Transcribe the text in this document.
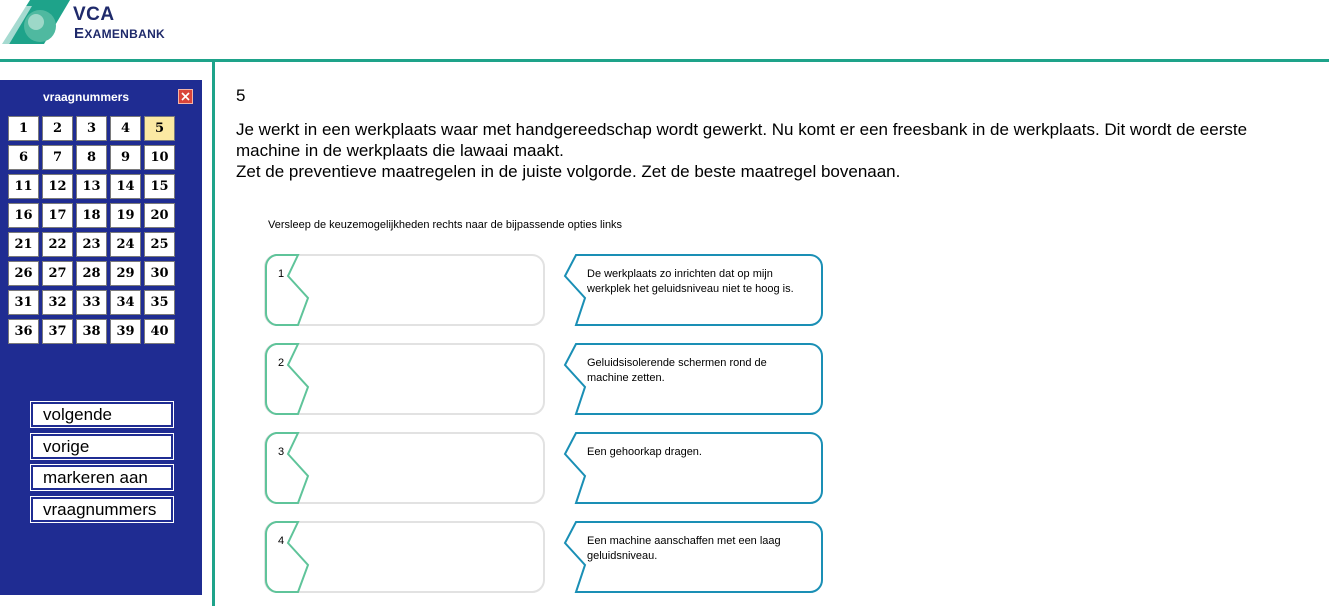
VCA
EXAMENBANK
vraagnummers
1	2	3	4	5
6	7	8	9	10
11	12	13	14	15
16	17	18	19	20
21	22	23	24	25
26	27	28	29	30
31	32	33	34	35
36	37	38	39	40
volgende
vorige
markeren aan
vraagnummers
5
Je werkt in een werkplaats waar met handgereedschap wordt gewerkt. Nu komt er een freesbank in de werkplaats. Dit wordt de eerste machine in de werkplaats die lawaai maakt.
Zet de preventieve maatregelen in de juiste volgorde. Zet de beste maatregel bovenaan.
Versleep de keuzemogelijkheden rechts naar de bijpassende opties links
1
2
3
4
De werkplaats zo inrichten dat op mijn werkplek het geluidsniveau niet te hoog is.
Geluidsisolerende schermen rond de machine zetten.
Een gehoorkap dragen.
Een machine aanschaffen met een laag geluidsniveau.
